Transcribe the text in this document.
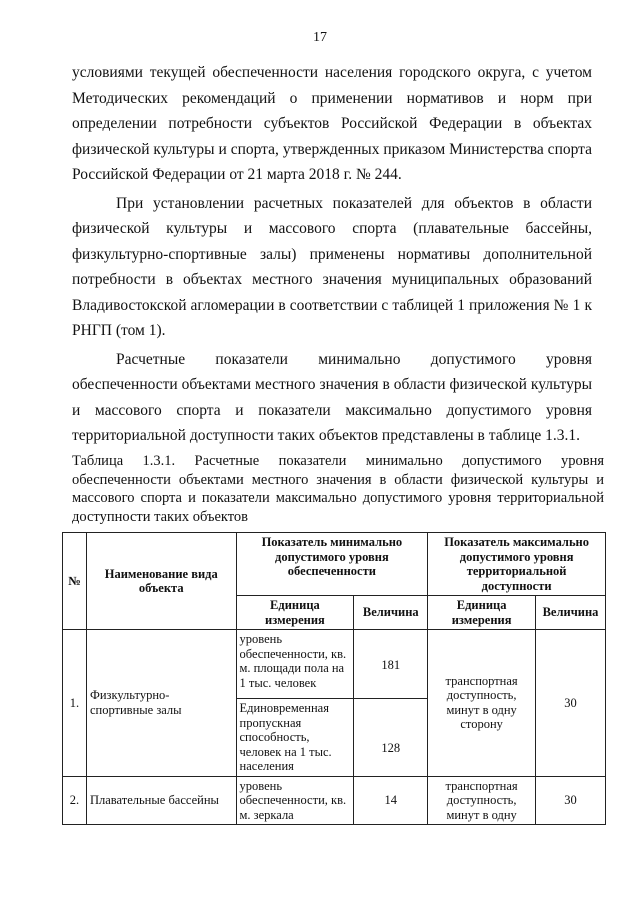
17

условиями текущей обеспеченности населения городского округа, с учетом Методических рекомендаций о применении нормативов и норм при определении потребности субъектов Российской Федерации в объектах физической культуры и спорта, утвержденных приказом Министерства спорта Российской Федерации от 21 марта 2018 г. № 244.

При установлении расчетных показателей для объектов в области физической культуры и массового спорта (плавательные бассейны, физкультурно-спортивные залы) применены нормативы дополнительной потребности в объектах местного значения муниципальных образований Владивостокской агломерации в соответствии с таблицей 1 приложения № 1 к РНГП (том 1).

Расчетные показатели минимально допустимого уровня обеспеченности объектами местного значения в области физической культуры и массового спорта и показатели максимально допустимого уровня территориальной доступности таких объектов представлены в таблице 1.3.1.

Таблица 1.3.1. Расчетные показатели минимально допустимого уровня обеспеченности объектами местного значения в области физической культуры и массового спорта и показатели максимально допустимого уровня территориальной доступности таких объектов
№	Наименование вида объекта	Показатель минимально допустимого уровня обеспеченности		Показатель максимально допустимого уровня территориальной доступности	
		Единица измерения	Величина	Единица измерения	Величина
1.	Физкультурно-спортивные залы	уровень обеспеченности, кв. м. площади пола на 1 тыс. человек	181	транспортная доступность, минут в одну сторону	30
		Единовременная пропускная способность, человек на 1 тыс. населения	128		
2.	Плавательные бассейны	уровень обеспеченности, кв. м. зеркала	14	транспортная доступность, минут в одну	30
